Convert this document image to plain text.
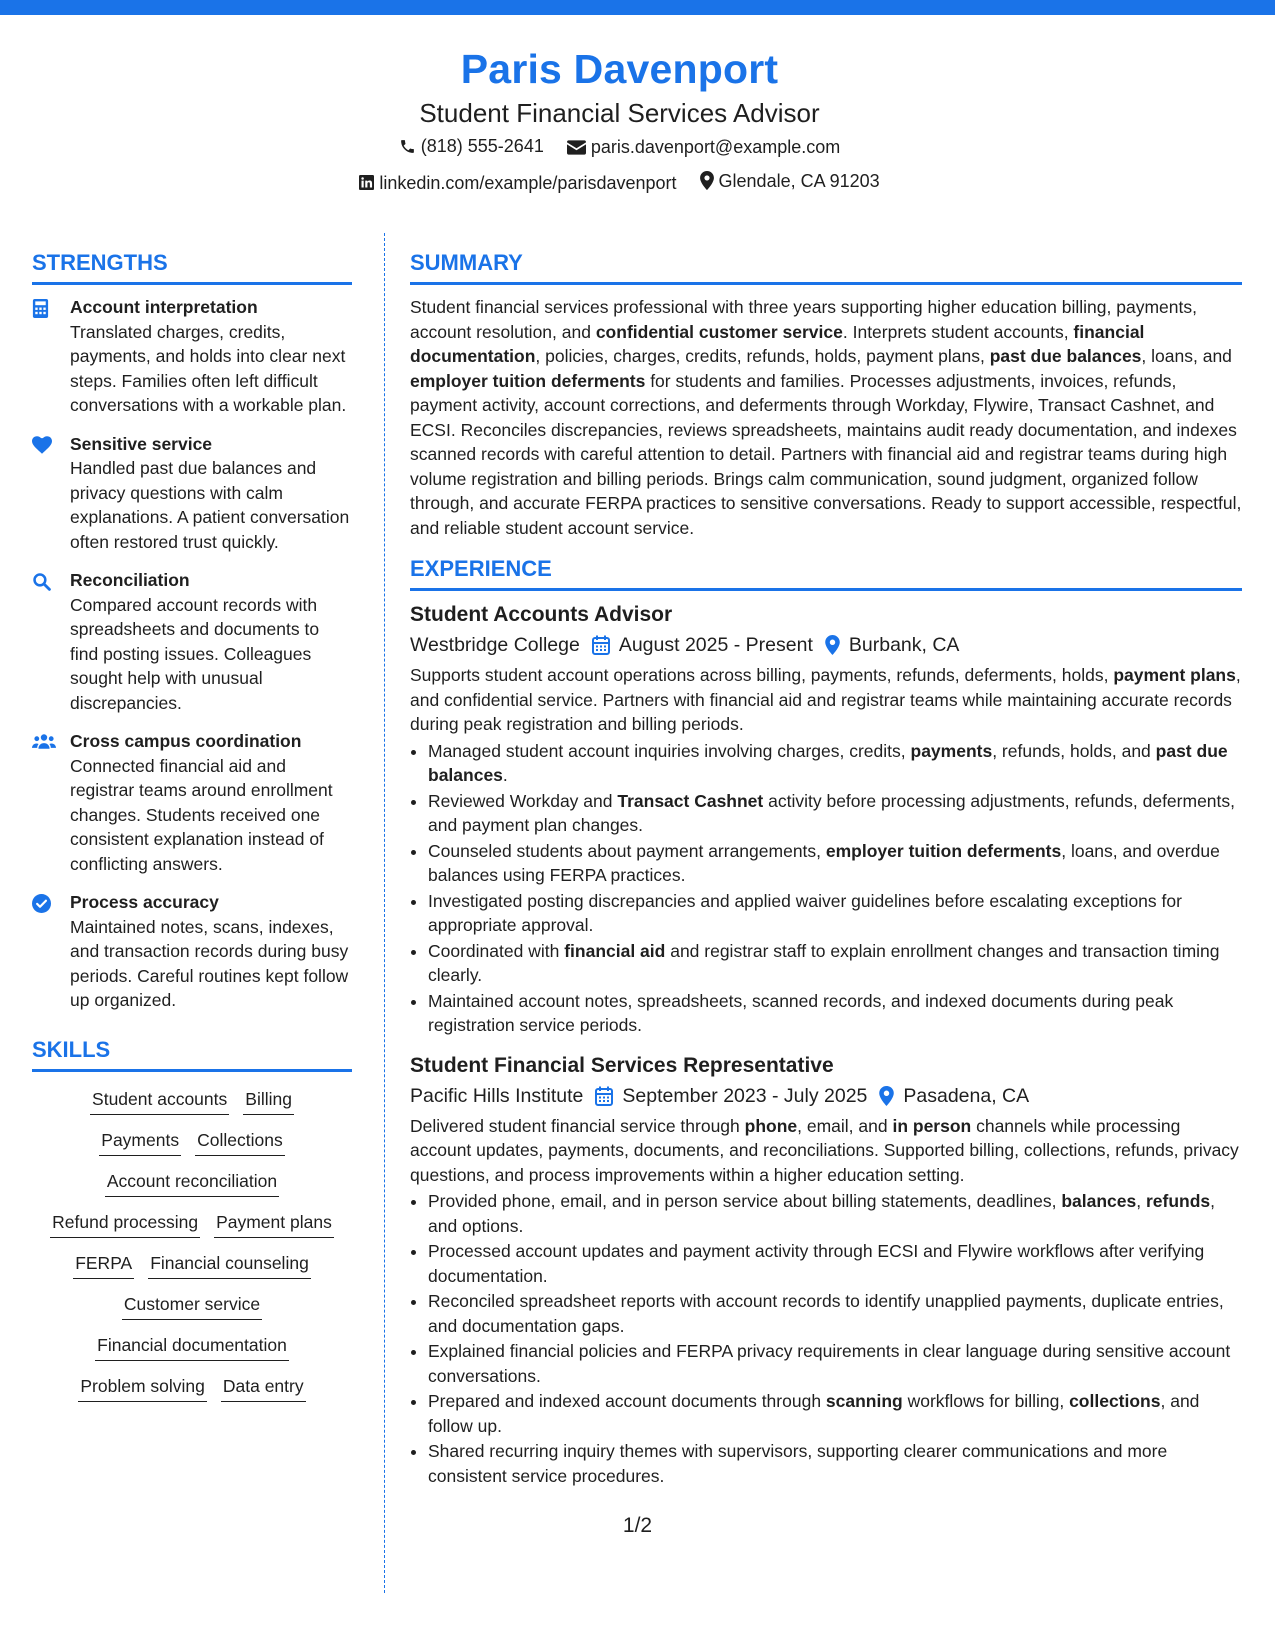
Paris Davenport
Student Financial Services Advisor
(818) 555-2641
	paris.davenport@example.com
linkedin.com/example/parisdavenport
Glendale, CA 91203
STRENGTHS
Account interpretation
Translated charges, credits, payments, and holds into clear next steps. Families often left difficult conversations with a workable plan.
Sensitive service
Handled past due balances and privacy questions with calm explanations. A patient conversation often restored trust quickly.
Reconciliation
Compared account records with spreadsheets and documents to find posting issues. Colleagues sought help with unusual discrepancies.
Cross campus coordination
Connected financial aid and registrar teams around enrollment changes. Students received one consistent explanation instead of conflicting answers.
Process accuracy
Maintained notes, scans, indexes, and transaction records during busy periods. Careful routines kept follow up organized.
SKILLS
Student accounts Billing
Payments Collections
Account reconciliation
Refund processing Payment plans
FERPA Financial counseling
Customer service
Financial documentation
Problem solving Data entry
SUMMARY
Student financial services professional with three years supporting higher education billing, payments, account resolution, and confidential customer service. Interprets student accounts, financial documentation, policies, charges, credits, refunds, holds, payment plans, past due balances, loans, and employer tuition deferments for students and families. Processes adjustments, invoices, refunds, payment activity, account corrections, and deferments through Workday, Flywire, Transact Cashnet, and ECSI. Reconciles discrepancies, reviews spreadsheets, maintains audit ready documentation, and indexes scanned records with careful attention to detail. Partners with financial aid and registrar teams during high volume registration and billing periods. Brings calm communication, sound judgment, organized follow through, and accurate FERPA practices to sensitive conversations. Ready to support accessible, respectful, and reliable student account service.
EXPERIENCE
Student Accounts Advisor
Westbridge College August 2025 - Present Burbank, CA
Supports student account operations across billing, payments, refunds, deferments, holds, payment plans, and confidential service. Partners with financial aid and registrar teams while maintaining accurate records during peak registration and billing periods.
• Managed student account inquiries involving charges, credits, payments, refunds, holds, and past due balances.
• Reviewed Workday and Transact Cashnet activity before processing adjustments, refunds, deferments, and payment plan changes.
• Counseled students about payment arrangements, employer tuition deferments, loans, and overdue balances using FERPA practices.
• Investigated posting discrepancies and applied waiver guidelines before escalating exceptions for appropriate approval.
• Coordinated with financial aid and registrar staff to explain enrollment changes and transaction timing clearly.
• Maintained account notes, spreadsheets, scanned records, and indexed documents during peak registration service periods.
Student Financial Services Representative
Pacific Hills Institute September 2023 - July 2025 Pasadena, CA
Delivered student financial service through phone, email, and in person channels while processing account updates, payments, documents, and reconciliations. Supported billing, collections, refunds, privacy questions, and process improvements within a higher education setting.
• Provided phone, email, and in person service about billing statements, deadlines, balances, refunds, and options.
• Processed account updates and payment activity through ECSI and Flywire workflows after verifying documentation.
• Reconciled spreadsheet reports with account records to identify unapplied payments, duplicate entries, and documentation gaps.
• Explained financial policies and FERPA privacy requirements in clear language during sensitive account conversations.
• Prepared and indexed account documents through scanning workflows for billing, collections, and follow up.
• Shared recurring inquiry themes with supervisors, supporting clearer communications and more consistent service procedures.
1/2
